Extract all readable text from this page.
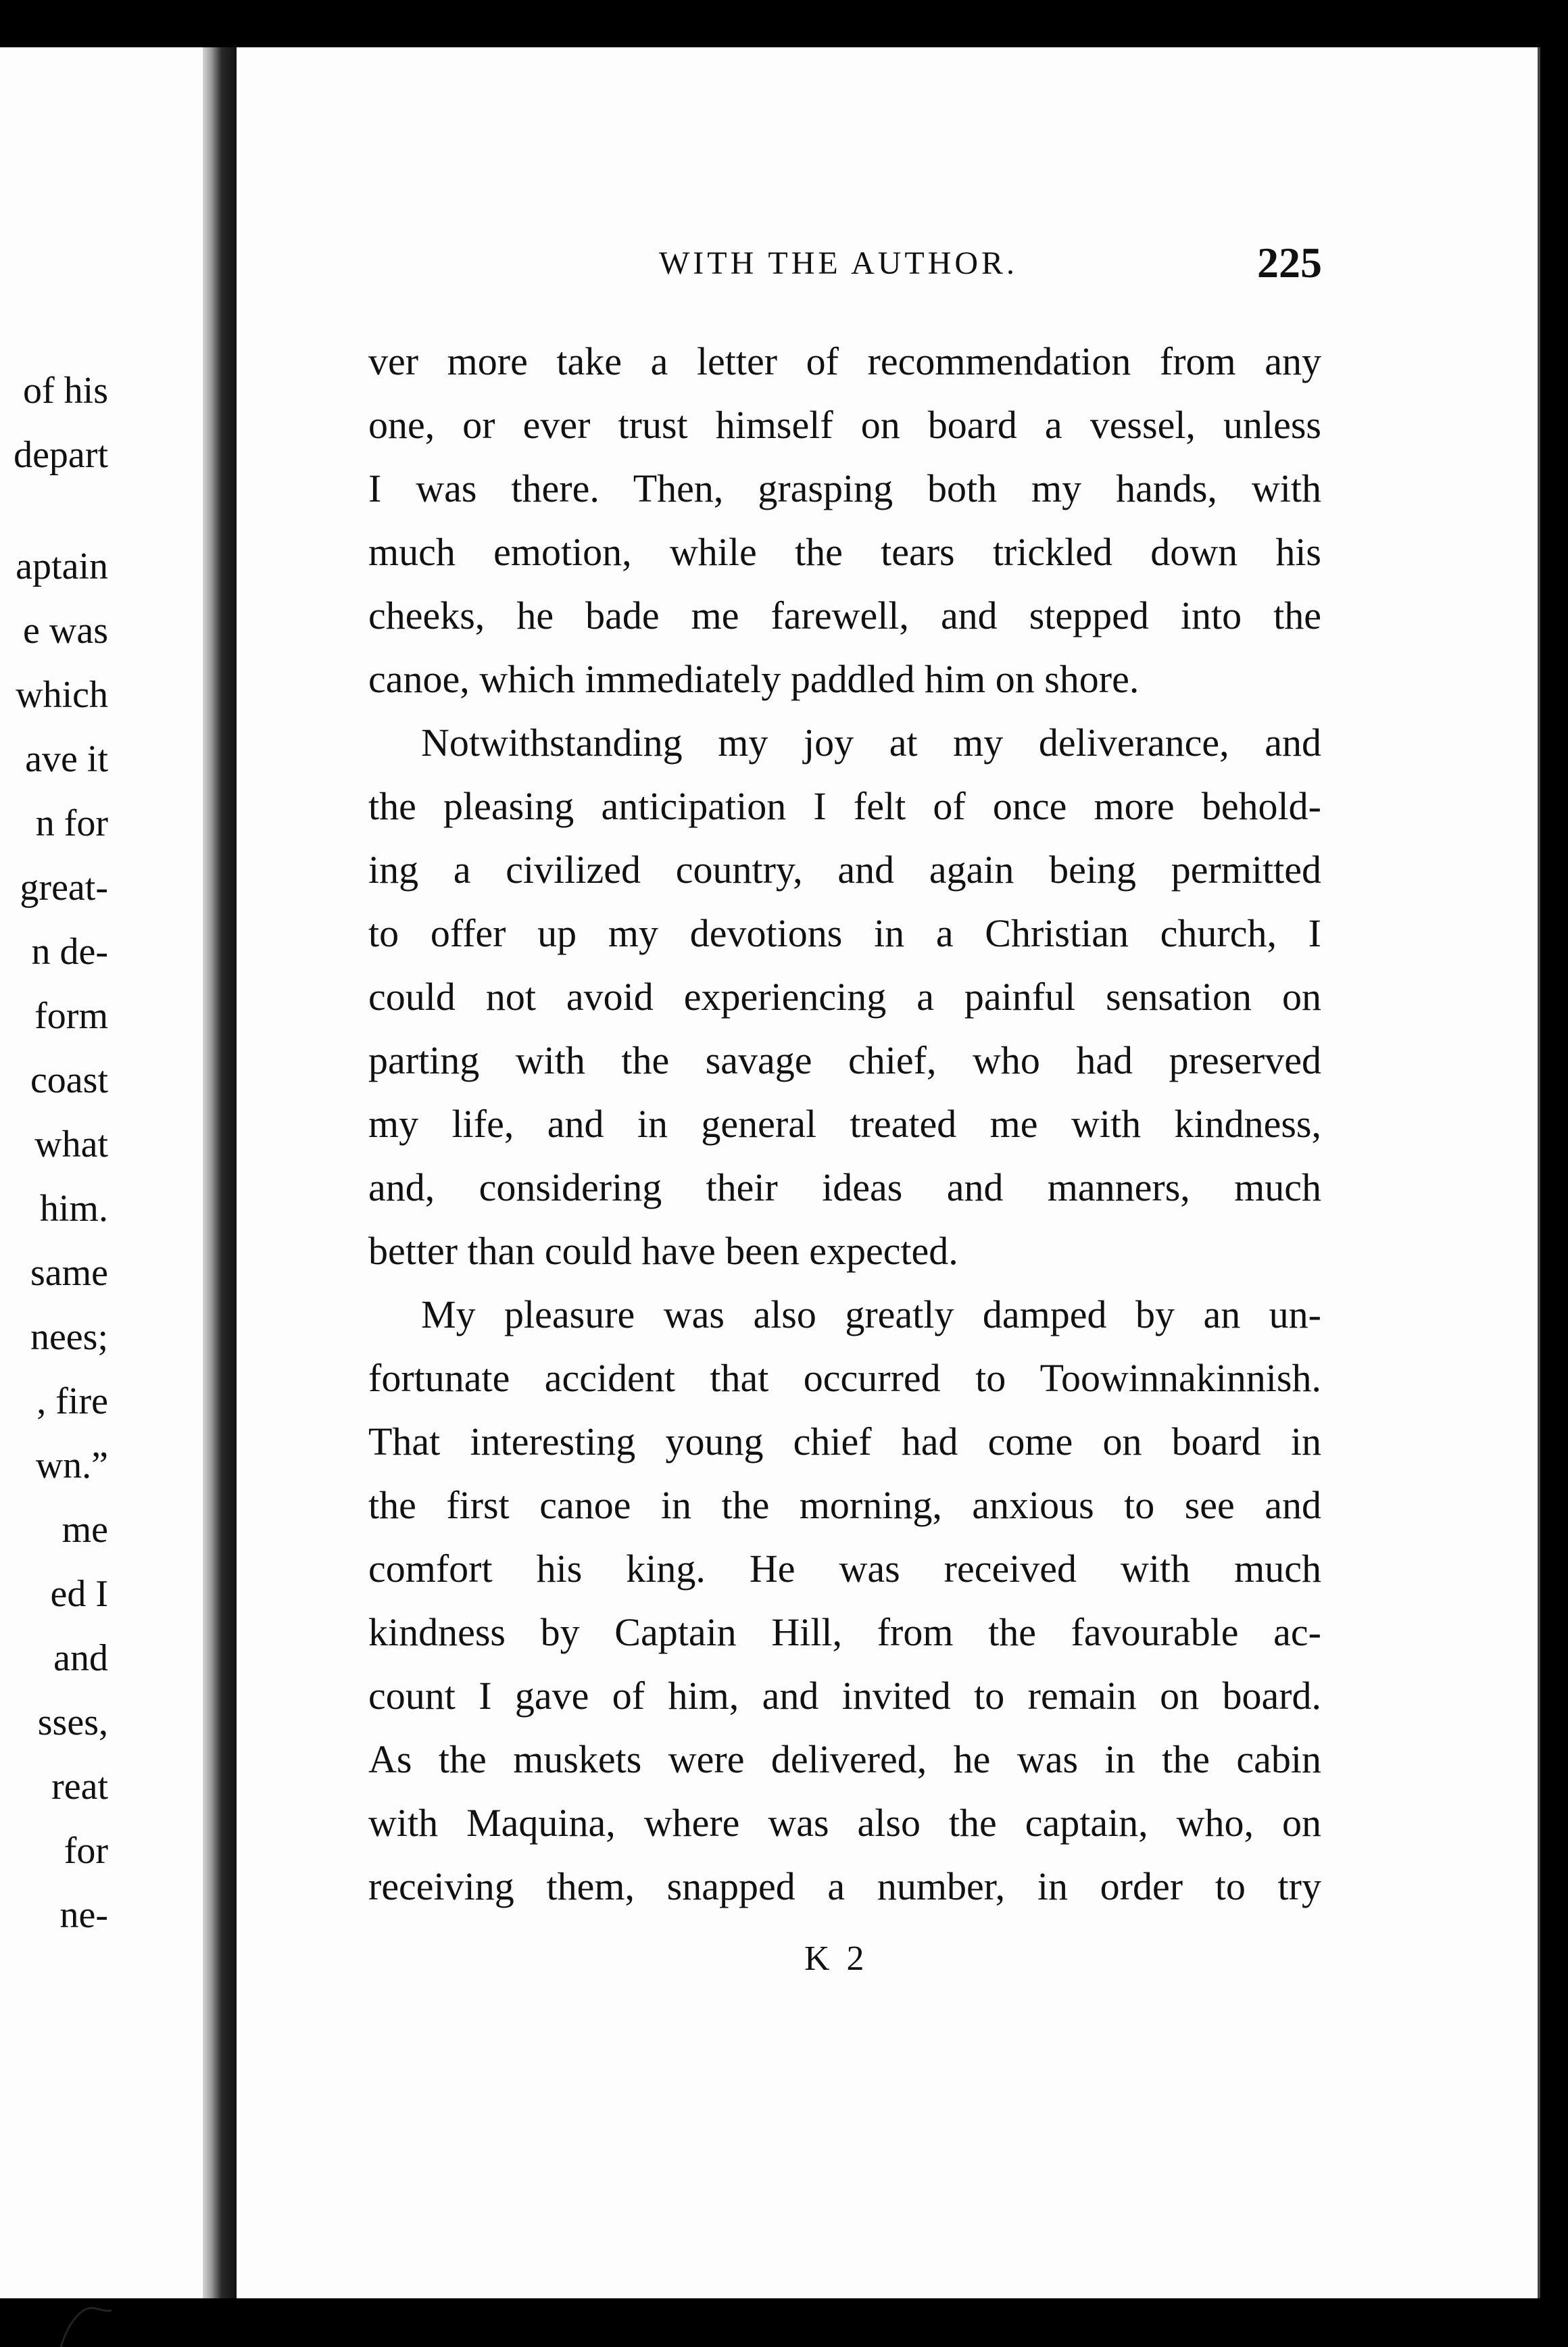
of his
depart
aptain
e was
which
ave it
n for
great-
n de-
form
coast
what
him.
same
nees;
, fire
wn.”
me
ed I
and
sses,
reat
for
ne-
WITH THE AUTHOR.	225
ver more take a letter of recommendation from any
one, or ever trust himself on board a vessel, unless
I was there. Then, grasping both my hands, with
much emotion, while the tears trickled down his
cheeks, he bade me farewell, and stepped into the
canoe, which immediately paddled him on shore.
Notwithstanding my joy at my deliverance, and
the pleasing anticipation I felt of once more behold-
ing a civilized country, and again being permitted
to offer up my devotions in a Christian church, I
could not avoid experiencing a painful sensation on
parting with the savage chief, who had preserved
my life, and in general treated me with kindness,
and, considering their ideas and manners, much
better than could have been expected.
My pleasure was also greatly damped by an un-
fortunate accident that occurred to Toowinnakinnish.
That interesting young chief had come on board in
the first canoe in the morning, anxious to see and
comfort his king. He was received with much
kindness by Captain Hill, from the favourable ac-
count I gave of him, and invited to remain on board.
As the muskets were delivered, he was in the cabin
with Maquina, where was also the captain, who, on
receiving them, snapped a number, in order to try
K 2
